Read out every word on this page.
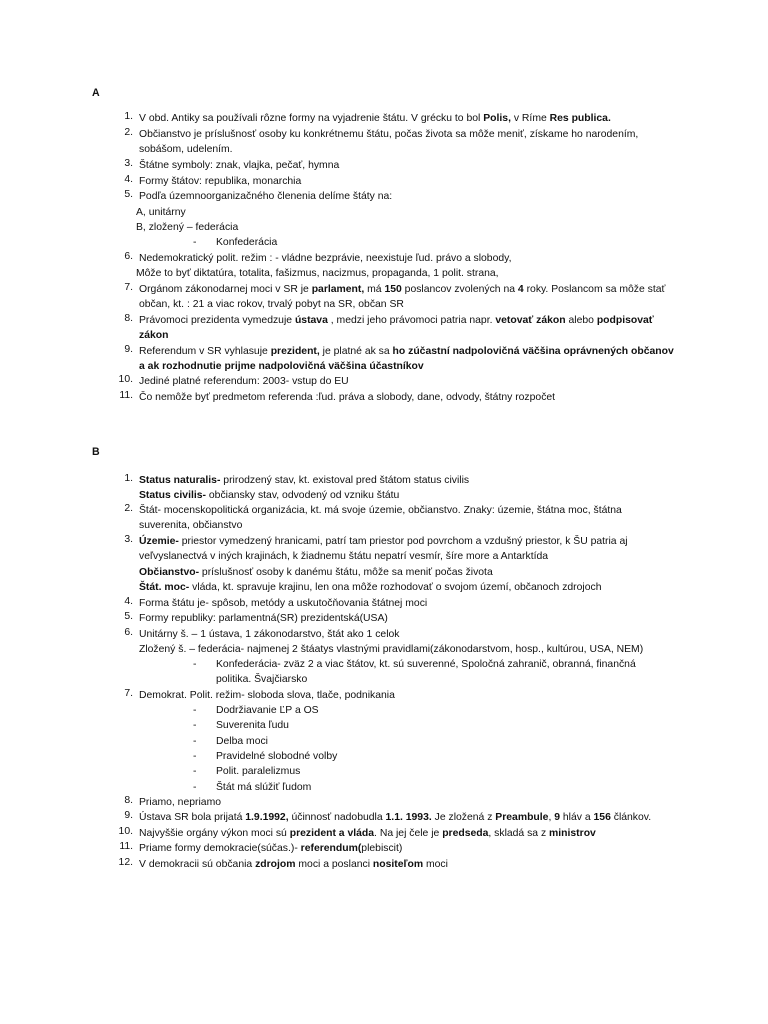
A
1. V obd. Antiky sa používali rôzne formy na vyjadrenie štátu. V grécku to bol Polis, v Ríme Res publica.
2. Občianstvo je príslušnosť osoby ku konkrétnemu štátu, počas života sa môže meniť, získame ho narodením,
sobášom, udelením.
3. Štátne symboly: znak, vlajka, pečať, hymna
4. Formy štátov: republika, monarchia
5. Podľa územnoorganizačného členenia delíme štáty na:
A, unitárny
B, zložený – federácia
- Konfederácia
6. Nedemokratický polit. režim : - vládne bezprávie, neexistuje ľud. právo a slobody,
Môže to byť diktatúra, totalita, fašizmus, nacizmus, propaganda, 1 polit. strana,
7. Orgánom zákonodarnej moci v SR je parlament, má 150 poslancov zvolených na 4 roky. Poslancom sa môže stať
občan, kt. : 21 a viac rokov, trvalý pobyt na SR, občan SR
8. Právomoci prezidenta vymedzuje ústava , medzi jeho právomoci patria napr. vetovať zákon alebo podpisovať
zákon
9. Referendum v SR vyhlasuje prezident, je platné ak sa ho zúčastní nadpolovičná väčšina oprávnených občanov
a ak rozhodnutie prijme nadpolovičná väčšina účastníkov
10. Jediné platné referendum: 2003- vstup do EU
11. Čo nemôže byť predmetom referenda :ľud. práva a slobody, dane, odvody, štátny rozpočet
B
1. Status naturalis- prirodzený stav, kt. existoval pred štátom status civilis
Status civilis- občiansky stav, odvodený od vzniku štátu
2. Štát- mocenskopolitická organizácia, kt. má svoje územie, občianstvo. Znaky: územie, štátna moc, štátna
suverenita, občianstvo
3. Územie- priestor vymedzený hranicami, patrí tam priestor pod povrchom a vzdušný priestor, k ŠU patria aj
veľvyslanectvá v iných krajinách, k žiadnemu štátu nepatrí vesmír, šíre more a Antarktída
Občianstvo- príslušnosť osoby k danému štátu, môže sa meniť počas života
Štát. moc- vláda, kt. spravuje krajinu, len ona môže rozhodovať o svojom území, občanoch zdrojoch
4. Forma štátu je- spôsob, metódy a uskutočňovania štátnej moci
5. Formy republiky: parlamentná(SR) prezidentská(USA)
6. Unitárny š. – 1 ústava, 1 zákonodarstvo, štát ako 1 celok
Zložený š. – federácia- najmenej 2 štáatys vlastnými pravidlami(zákonodarstvom, hosp., kultúrou, USA, NEM)
- Konfederácia- zväz 2 a viac štátov, kt. sú suverenné, Spoločná zahranič, obranná, finančná
politika. Švajčiarsko
7. Demokrat. Polit. režim- sloboda slova, tlače, podnikania
- Dodržiavanie ĽP a OS
- Suverenita ľudu
- Delba moci
- Pravidelné slobodné volby
- Polit. paralelizmus
- Štát má slúžiť ľudom
8. Priamo, nepriamo
9. Ústava SR bola prijatá 1.9.1992, účinnosť nadobudla 1.1. 1993. Je zložená z Preambule, 9 hláv a 156 článkov.
10. Najvyššie orgány výkon moci sú prezident a vláda. Na jej čele je predseda, skladá sa z ministrov
11. Priame formy demokracie(súčas.)- referendum(plebiscit)
12. V demokracii sú občania zdrojom moci a poslanci nositeľom moci
